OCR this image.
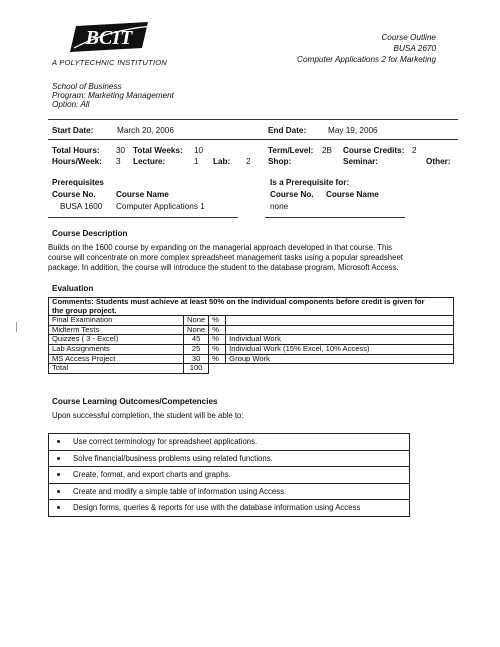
BCIT
A POLYTECHNIC INSTITUTION
Course Outline
BUSA 2670
Computer Applications 2 for Marketing
School of Business
Program: Marketing Management
Option: All
Start Date:	March 20, 2006	End Date:	May 19, 2006
Total Hours: 30 Total Weeks: 10	Term/Level: 2B Course Credits: 2
Hours/Week: 3 Lecture:	1 Lab: 2 Shop:	Seminar:	Other:
Prerequisites
Course No. Course Name
BUSA 1600 Computer Applications 1
Is a Prerequisite for:
Course No. Course Name
none
Course Description
Builds on the 1600 course by expanding on the managerial approach developed in that course. This
course will concentrate on more complex spreadsheet management tasks using a popular spreadsheet
package. In addition, the course will introduce the student to the database program, Microsoft Access.
Evaluation
Comments: Students must achieve at least 50% on the individual components before credit is given for			
the group project.			
Final Examination	None	%	
Midterm Tests	None	%	
Quizzes ( 3 - Excel)	45	%	Individual Work
Lab Assignments	25	%	Individual Work (15% Excel, 10% Access)
MS Access Project	30	%	Group Work
Total	100		
Course Learning Outcomes/Competencies
Upon successful completion, the student will be able to:
Use correct terminology for spreadsheet applications.
Solve financial/business problems using related functions.
Create, format, and export charts and graphs.
Create and modify a simple table of information using Access.
Design forms, queries & reports for use with the database information using Access
